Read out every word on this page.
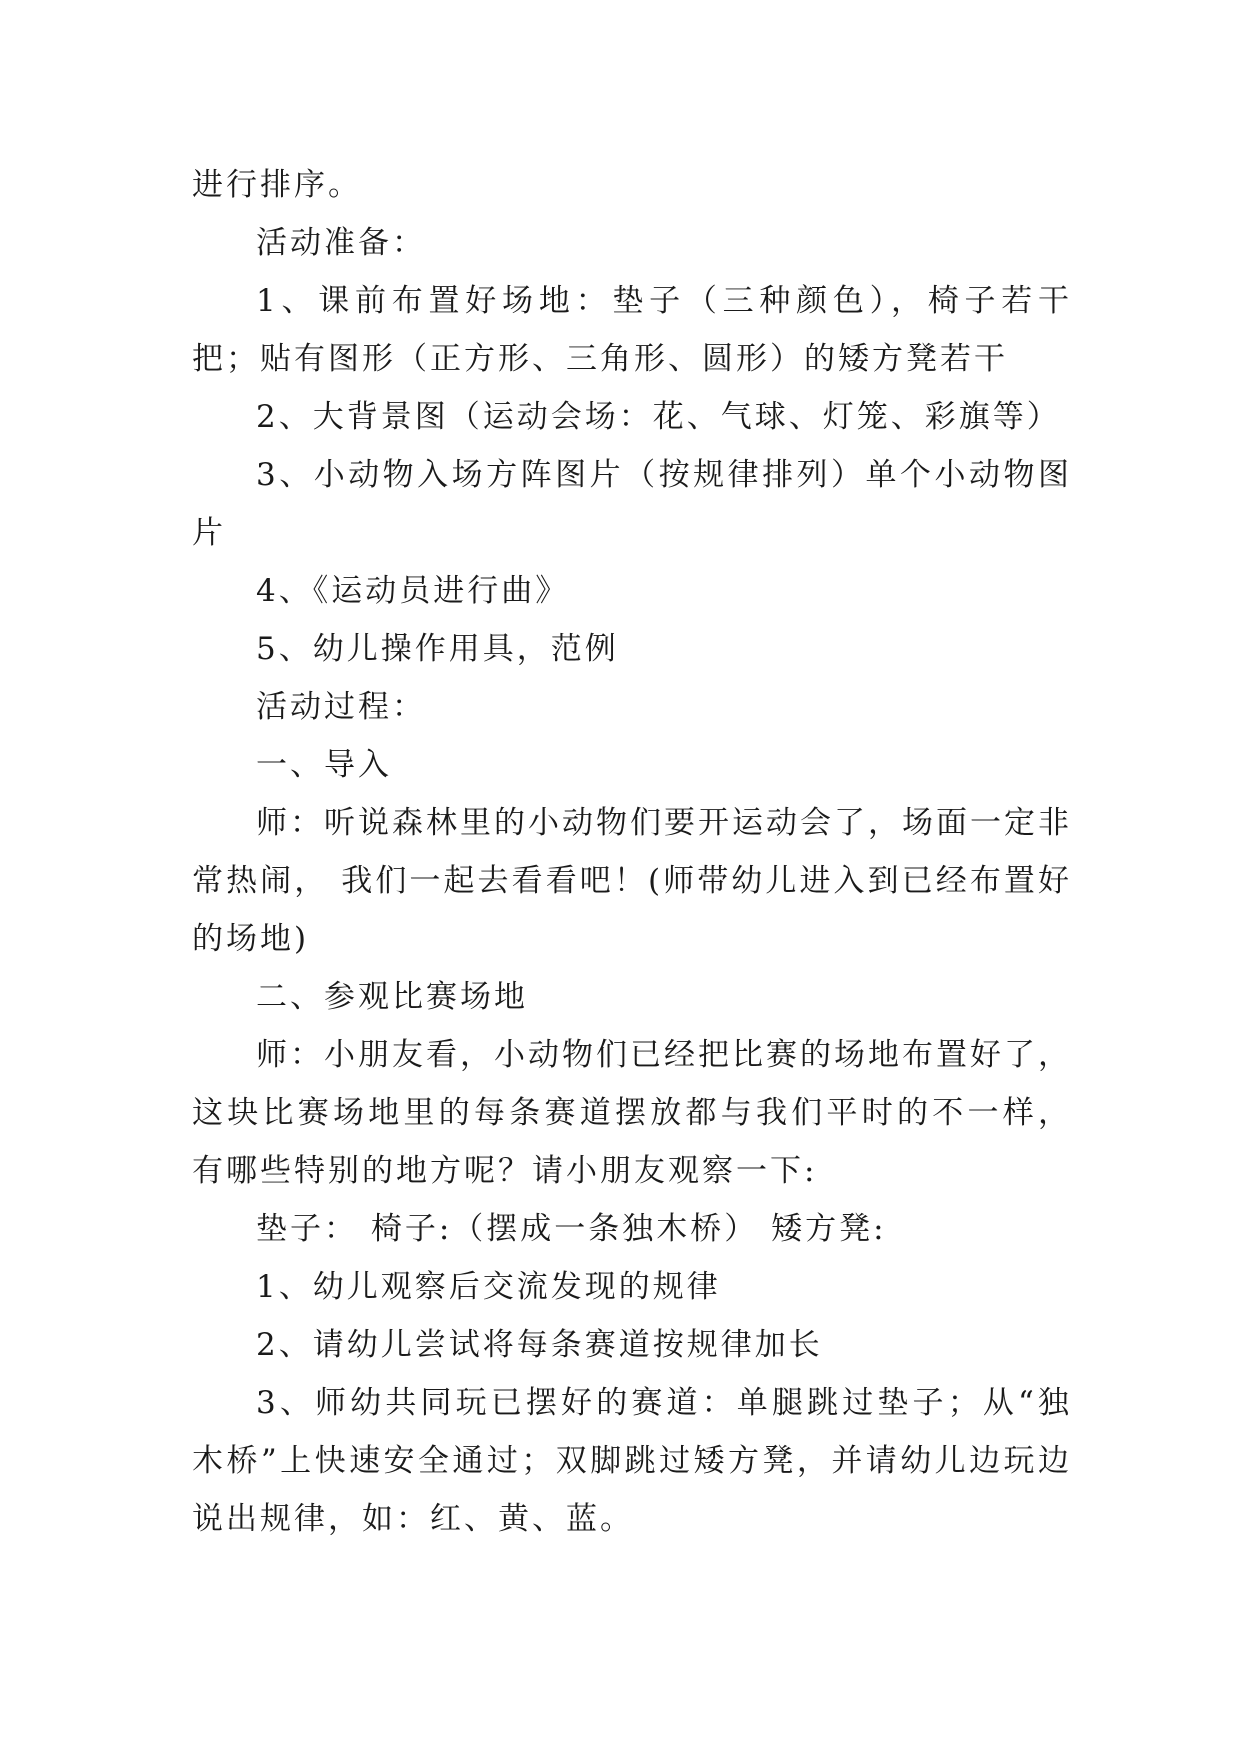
进行排序。

活动准备：

1、课前布置好场地：垫子（三种颜色），椅子若干把；贴有图形（正方形、三角形、圆形）的矮方凳若干

2、大背景图（运动会场：花、气球、灯笼、彩旗等）

3、小动物入场方阵图片（按规律排列）单个小动物图片

4、《运动员进行曲》

5、幼儿操作用具，范例

活动过程：

一、导入

师：听说森林里的小动物们要开运动会了，场面一定非常热闹， 我们一起去看看吧！(师带幼儿进入到已经布置好的场地)

二、参观比赛场地

师：小朋友看，小动物们已经把比赛的场地布置好了，这块比赛场地里的每条赛道摆放都与我们平时的不一样，有哪些特别的地方呢？请小朋友观察一下:

垫子： 椅子:（摆成一条独木桥） 矮方凳:

1、幼儿观察后交流发现的规律

2、请幼儿尝试将每条赛道按规律加长

3、师幼共同玩已摆好的赛道：单腿跳过垫子；从“独木桥”上快速安全通过；双脚跳过矮方凳，并请幼儿边玩边说出规律，如：红、黄、蓝。
